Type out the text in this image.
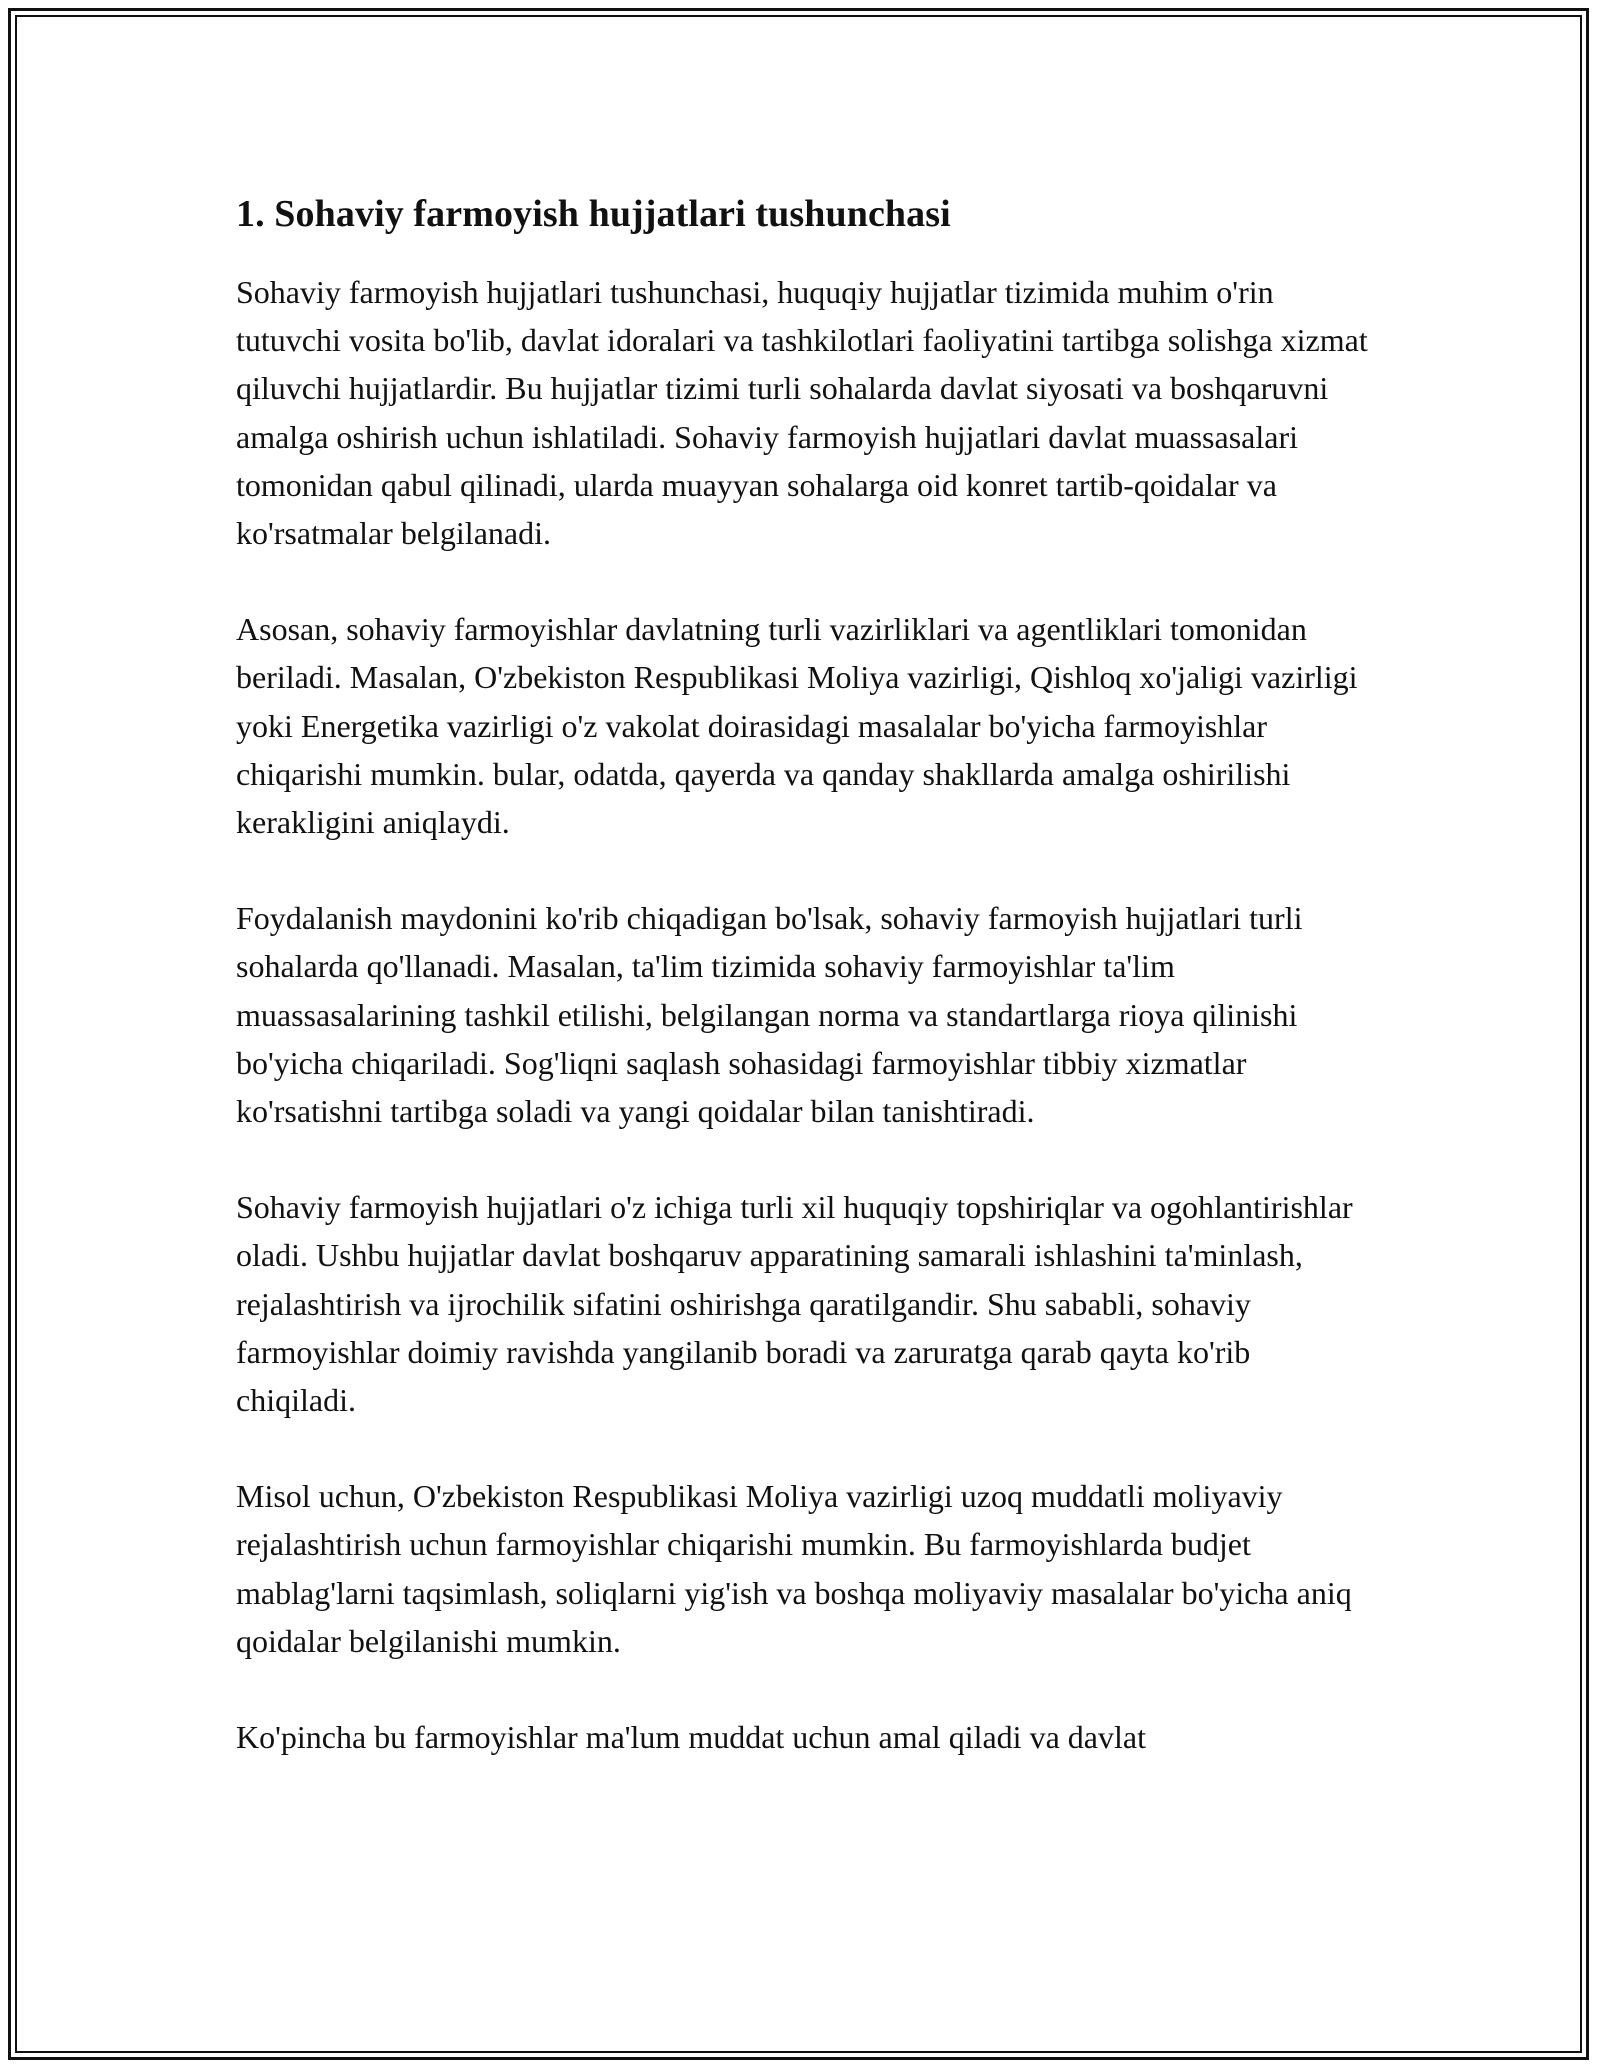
1. Sohaviy farmoyish hujjatlari tushunchasi

Sohaviy farmoyish hujjatlari tushunchasi, huquqiy hujjatlar tizimida muhim o'rin tutuvchi vosita bo'lib, davlat idoralari va tashkilotlari faoliyatini tartibga solishga xizmat qiluvchi hujjatlardir. Bu hujjatlar tizimi turli sohalarda davlat siyosati va boshqaruvni amalga oshirish uchun ishlatiladi. Sohaviy farmoyish hujjatlari davlat muassasalari tomonidan qabul qilinadi, ularda muayyan sohalarga oid konret tartib-qoidalar va ko'rsatmalar belgilanadi.

Asosan, sohaviy farmoyishlar davlatning turli vazirliklari va agentliklari tomonidan beriladi. Masalan, O'zbekiston Respublikasi Moliya vazirligi, Qishloq xo'jaligi vazirligi yoki Energetika vazirligi o'z vakolat doirasidagi masalalar bo'yicha farmoyishlar chiqarishi mumkin. bular, odatda, qayerda va qanday shakllarda amalga oshirilishi kerakligini aniqlaydi.

Foydalanish maydonini ko'rib chiqadigan bo'lsak, sohaviy farmoyish hujjatlari turli sohalarda qo'llanadi. Masalan, ta'lim tizimida sohaviy farmoyishlar ta'lim muassasalarining tashkil etilishi, belgilangan norma va standartlarga rioya qilinishi bo'yicha chiqariladi. Sog'liqni saqlash sohasidagi farmoyishlar tibbiy xizmatlar ko'rsatishni tartibga soladi va yangi qoidalar bilan tanishtiradi.

Sohaviy farmoyish hujjatlari o'z ichiga turli xil huquqiy topshiriqlar va ogohlantirishlar oladi. Ushbu hujjatlar davlat boshqaruv apparatining samarali ishlashini ta'minlash, rejalashtirish va ijrochilik sifatini oshirishga qaratilgandir. Shu sababli, sohaviy farmoyishlar doimiy ravishda yangilanib boradi va zaruratga qarab qayta ko'rib chiqiladi.

Misol uchun, O'zbekiston Respublikasi Moliya vazirligi uzoq muddatli moliyaviy rejalashtirish uchun farmoyishlar chiqarishi mumkin. Bu farmoyishlarda budjet mablag'larni taqsimlash, soliqlarni yig'ish va boshqa moliyaviy masalalar bo'yicha aniq qoidalar belgilanishi mumkin.

Ko'pincha bu farmoyishlar ma'lum muddat uchun amal qiladi va davlat
